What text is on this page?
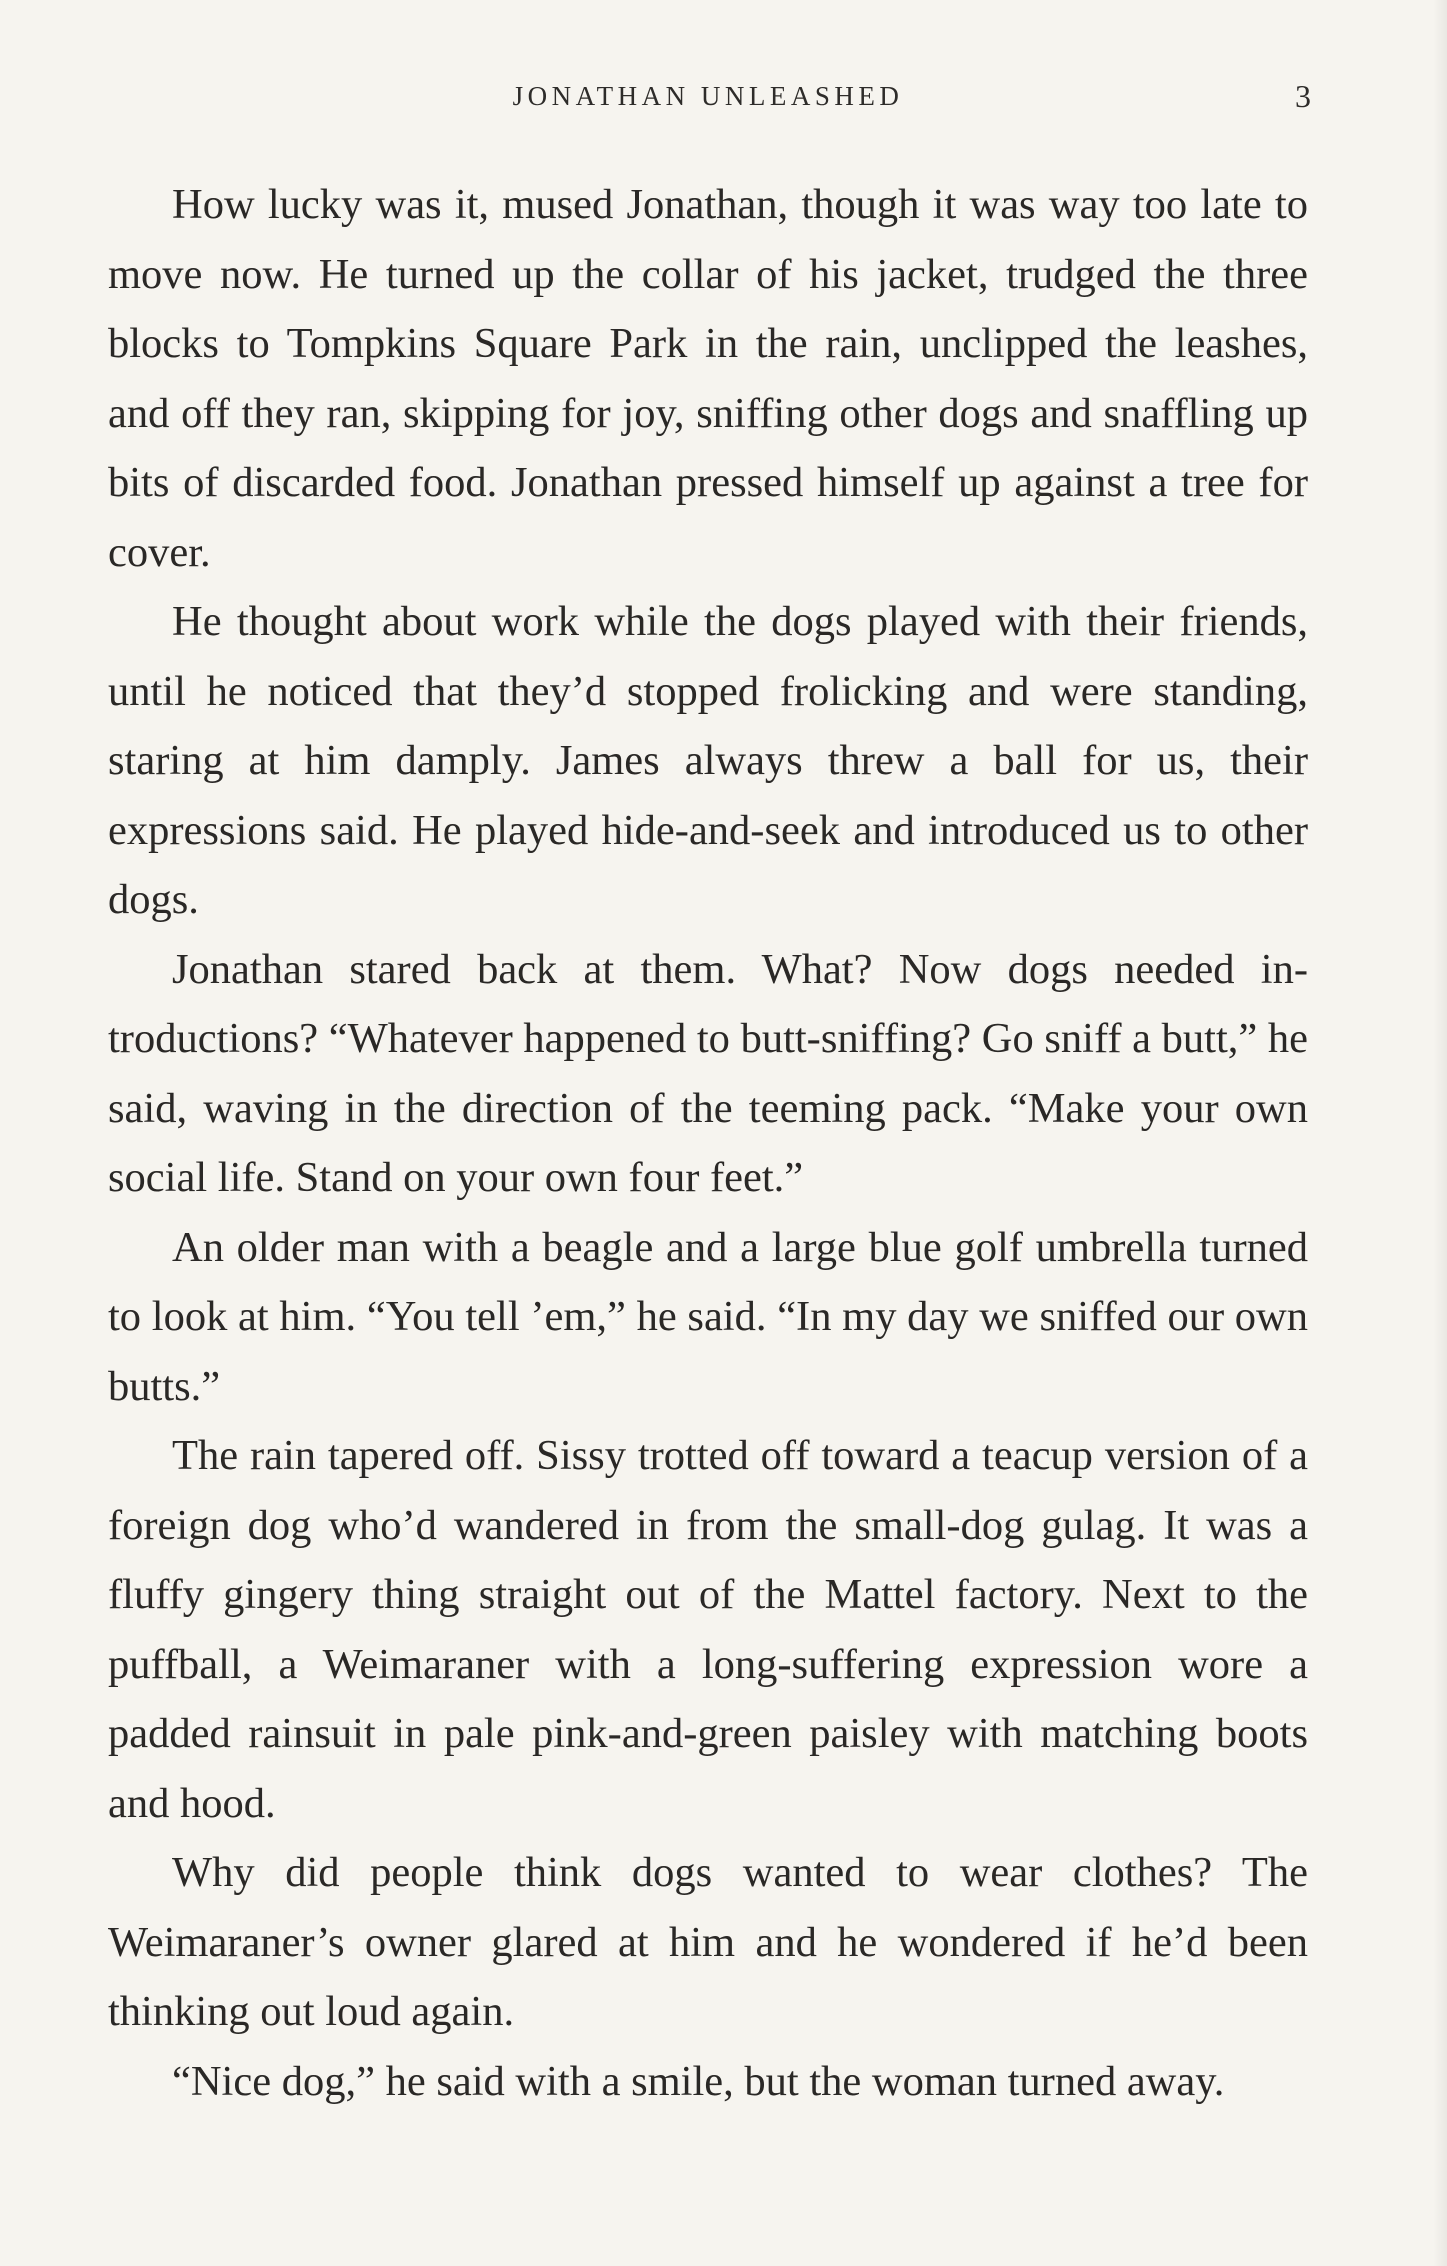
JONATHAN UNLEASHED	3

How lucky was it, mused Jonathan, though it was way too late to move now. He turned up the collar of his jacket, trudged the three blocks to Tompkins Square Park in the rain, unclipped the leashes, and off they ran, skipping for joy, sniffing other dogs and snaffling up bits of discarded food. Jonathan pressed himself up against a tree for cover.

He thought about work while the dogs played with their friends, until he noticed that they’d stopped frolicking and were standing, staring at him damply. James always threw a ball for us, their expressions said. He played hide-and-seek and introduced us to other dogs.

Jonathan stared back at them. What? Now dogs needed introductions? “Whatever happened to butt-sniffing? Go sniff a butt,” he said, waving in the direction of the teeming pack. “Make your own social life. Stand on your own four feet.”

An older man with a beagle and a large blue golf umbrella turned to look at him. “You tell ’em,” he said. “In my day we sniffed our own butts.”

The rain tapered off. Sissy trotted off toward a teacup version of a foreign dog who’d wandered in from the small-dog gulag. It was a fluffy gingery thing straight out of the Mattel factory. Next to the puffball, a Weimaraner with a long-suffering expression wore a padded rainsuit in pale pink-and-green paisley with matching boots and hood.

Why did people think dogs wanted to wear clothes? The Weimaraner’s owner glared at him and he wondered if he’d been thinking out loud again.

“Nice dog,” he said with a smile, but the woman turned away.
